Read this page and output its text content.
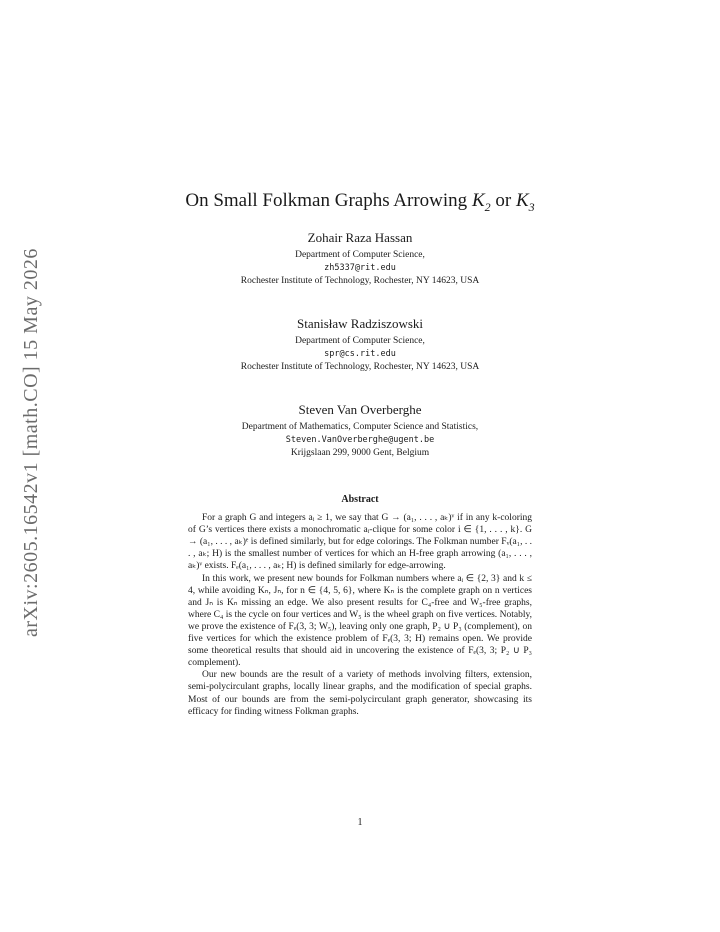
arXiv:2605.16542v1 [math.CO] 15 May 2026
On Small Folkman Graphs Arrowing $K_2$ or $K_3$
Zohair Raza Hassan
Department of Computer Science,
zh5337@rit.edu
Rochester Institute of Technology, Rochester, NY 14623, USA
Stanisław Radziszowski
Department of Computer Science,
spr@cs.rit.edu
Rochester Institute of Technology, Rochester, NY 14623, USA
Steven Van Overberghe
Department of Mathematics, Computer Science and Statistics,
Steven.VanOverberghe@ugent.be
Krijgslaan 299, 9000 Gent, Belgium
Abstract

For a graph G and integers aᵢ ≥ 1, we say that G → (a₁, . . . , aₖ)ᵛ if in any k-coloring of G’s vertices there exists a monochromatic aᵢ-clique for some color i ∈ {1, . . . , k}. G → (a₁, . . . , aₖ)ᵉ is defined similarly, but for edge colorings. The Folkman number Fᵥ(a₁, . . . , aₖ; H) is the smallest number of vertices for which an H-free graph arrowing (a₁, . . . , aₖ)ᵛ exists. Fₑ(a₁, . . . , aₖ; H) is defined similarly for edge-arrowing.

In this work, we present new bounds for Folkman numbers where aᵢ ∈ {2, 3} and k ≤ 4, while avoiding Kₙ, Jₙ, for n ∈ {4, 5, 6}, where Kₙ is the complete graph on n vertices and Jₙ is Kₙ missing an edge. We also present results for C₄-free and W₅-free graphs, where C₄ is the cycle on four vertices and W₅ is the wheel graph on five vertices. Notably, we prove the existence of Fₑ(3, 3; W₅), leaving only one graph, P₂ ∪ P₃ (complement), on five vertices for which the existence problem of Fₑ(3, 3; H) remains open. We provide some theoretical results that should aid in uncovering the existence of Fₑ(3, 3; P₂ ∪ P₃ complement).

Our new bounds are the result of a variety of methods involving filters, extension, semi-polycirculant graphs, locally linear graphs, and the modification of special graphs. Most of our bounds are from the semi-polycirculant graph generator, showcasing its efficacy for finding witness Folkman graphs.

1
